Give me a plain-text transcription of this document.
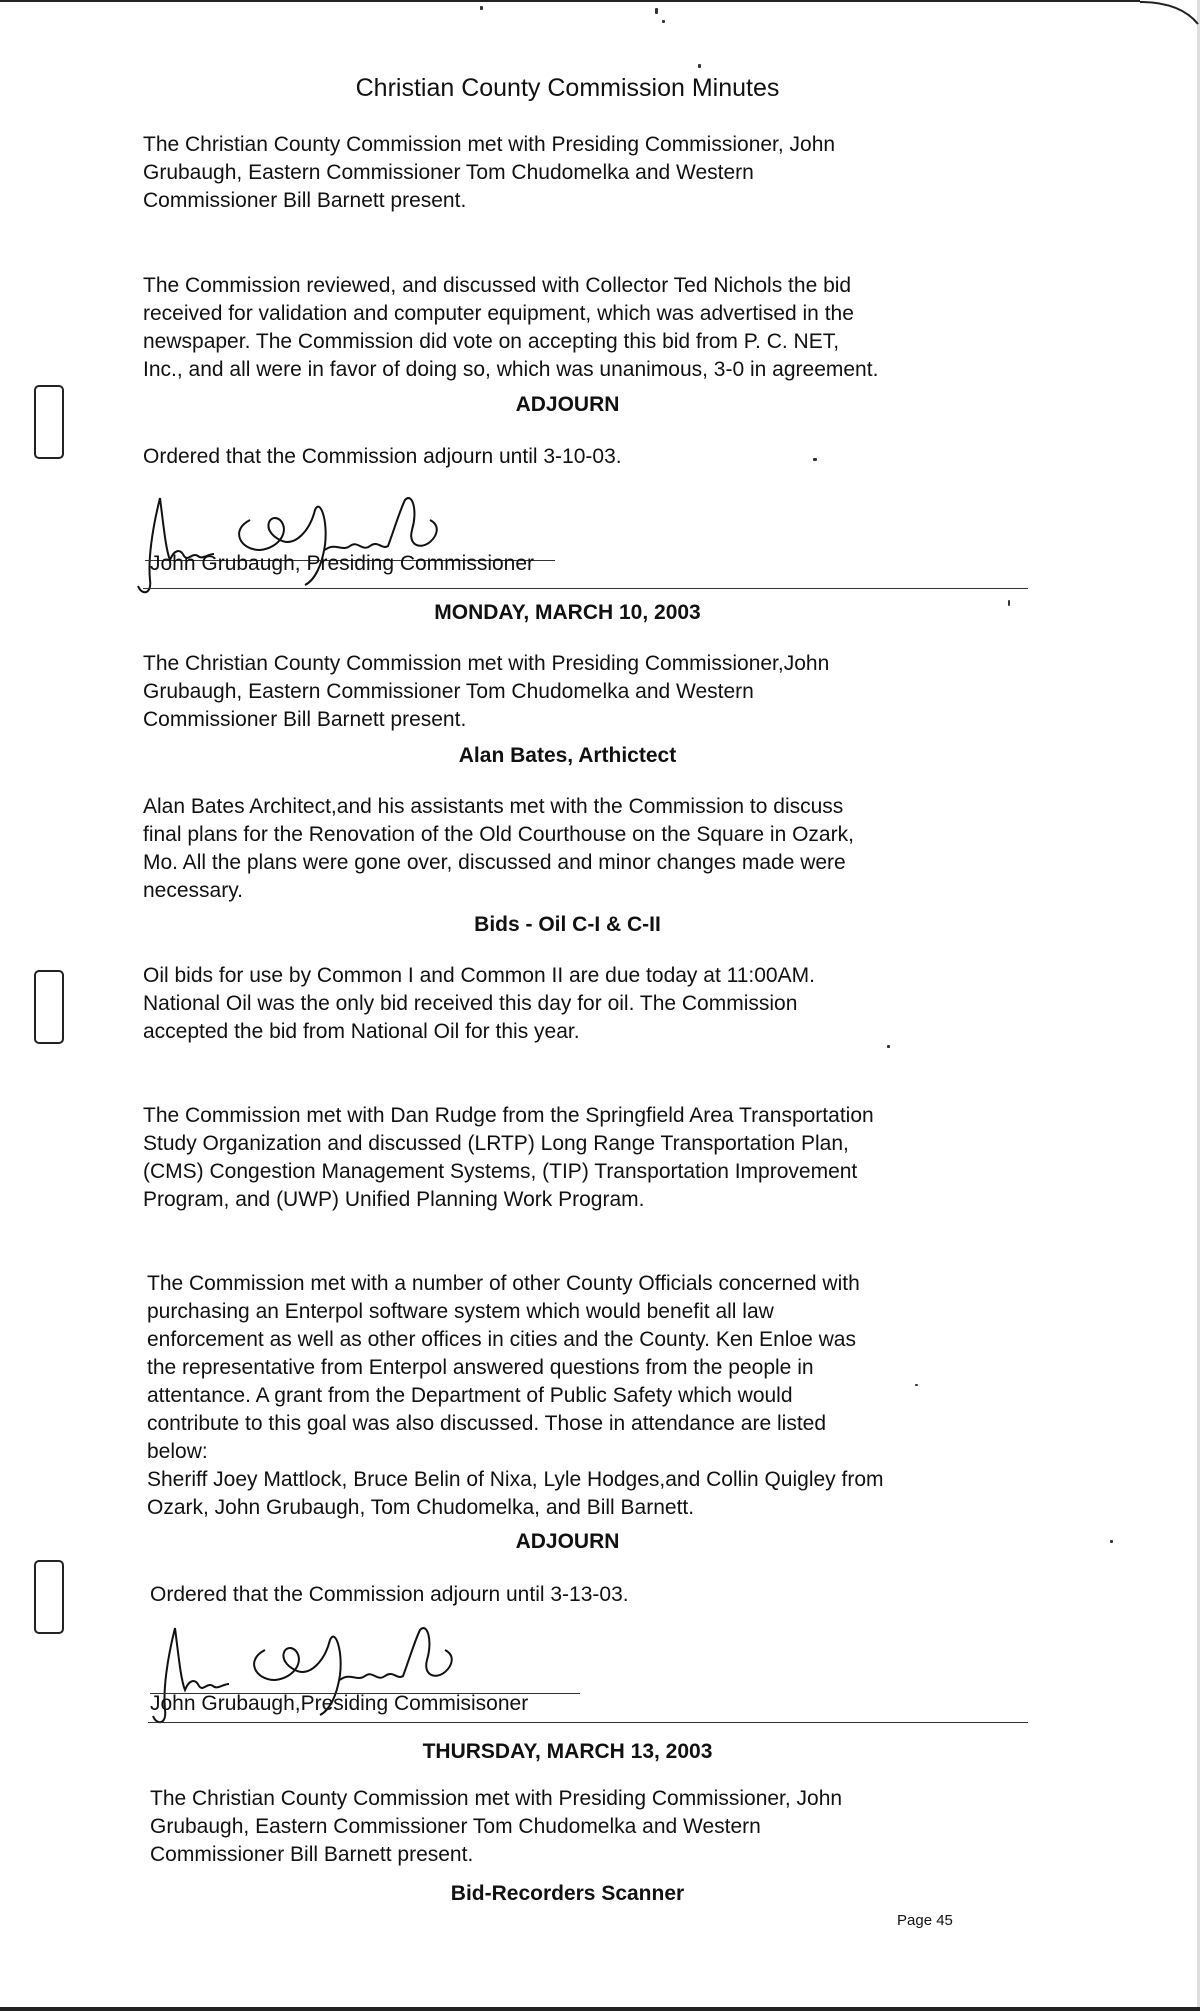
Christian County Commission Minutes

The Christian County Commission met with Presiding Commissioner, John
Grubaugh, Eastern Commissioner Tom Chudomelka and Western
Commissioner Bill Barnett present.

The Commission reviewed, and discussed with Collector Ted Nichols the bid
received for validation and computer equipment, which was advertised in the
newspaper. The Commission did vote on accepting this bid from P. C. NET,
Inc., and all were in favor of doing so, which was unanimous, 3-0 in agreement.

ADJOURN

Ordered that the Commission adjourn until 3-10-03.

John Grubaugh, Presiding Commissioner
MONDAY, MARCH 10, 2003

The Christian County Commission met with Presiding Commissioner,John
Grubaugh, Eastern Commissioner Tom Chudomelka and Western
Commissioner Bill Barnett present.

Alan Bates, Arthictect

Alan Bates Architect,and his assistants met with the Commission to discuss
final plans for the Renovation of the Old Courthouse on the Square in Ozark,
Mo. All the plans were gone over, discussed and minor changes made were
necessary.

Bids - Oil C-I & C-II

Oil bids for use by Common I and Common II are due today at 11:00AM.
National Oil was the only bid received this day for oil. The Commission
accepted the bid from National Oil for this year.

The Commission met with Dan Rudge from the Springfield Area Transportation
Study Organization and discussed (LRTP) Long Range Transportation Plan,
(CMS) Congestion Management Systems, (TIP) Transportation Improvement
Program, and (UWP) Unified Planning Work Program.

The Commission met with a number of other County Officials concerned with
purchasing an Enterpol software system which would benefit all law
enforcement as well as other offices in cities and the County. Ken Enloe was
the representative from Enterpol answered questions from the people in
attentance. A grant from the Department of Public Safety which would
contribute to this goal was also discussed. Those in attendance are listed
below:
Sheriff Joey Mattlock, Bruce Belin of Nixa, Lyle Hodges,and Collin Quigley from
Ozark, John Grubaugh, Tom Chudomelka, and Bill Barnett.

ADJOURN

Ordered that the Commission adjourn until 3-13-03.

John Grubaugh,Presiding Commisisoner
THURSDAY, MARCH 13, 2003

The Christian County Commission met with Presiding Commissioner, John
Grubaugh, Eastern Commissioner Tom Chudomelka and Western
Commissioner Bill Barnett present.

Bid-Recorders Scanner
Page 45
